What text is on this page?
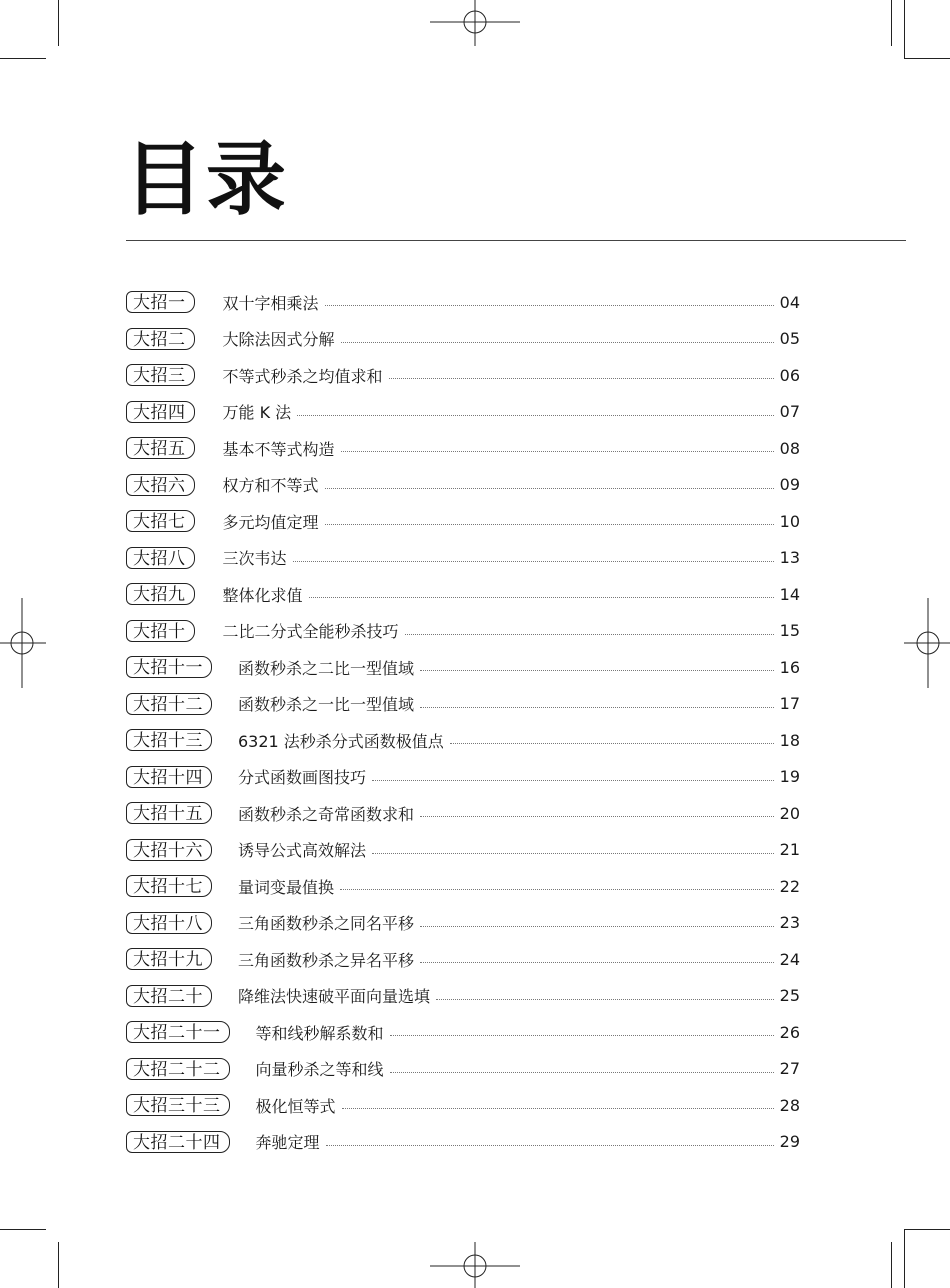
目录
大招一	双十字相乘法	04
大招二	大除法因式分解	05
大招三	不等式秒杀之均值求和	06
大招四	万能 K 法	07
大招五	基本不等式构造	08
大招六	权方和不等式	09
大招七	多元均值定理	10
大招八	三次韦达	13
大招九	整体化求值	14
大招十	二比二分式全能秒杀技巧	15
大招十一	函数秒杀之二比一型值域	16
大招十二	函数秒杀之一比一型值域	17
大招十三	6321 法秒杀分式函数极值点	18
大招十四	分式函数画图技巧	19
大招十五	函数秒杀之奇常函数求和	20
大招十六	诱导公式高效解法	21
大招十七	量词变最值换	22
大招十八	三角函数秒杀之同名平移	23
大招十九	三角函数秒杀之异名平移	24
大招二十	降维法快速破平面向量选填	25
大招二十一	等和线秒解系数和	26
大招二十二	向量秒杀之等和线	27
大招三十三	极化恒等式	28
大招二十四	奔驰定理	29
